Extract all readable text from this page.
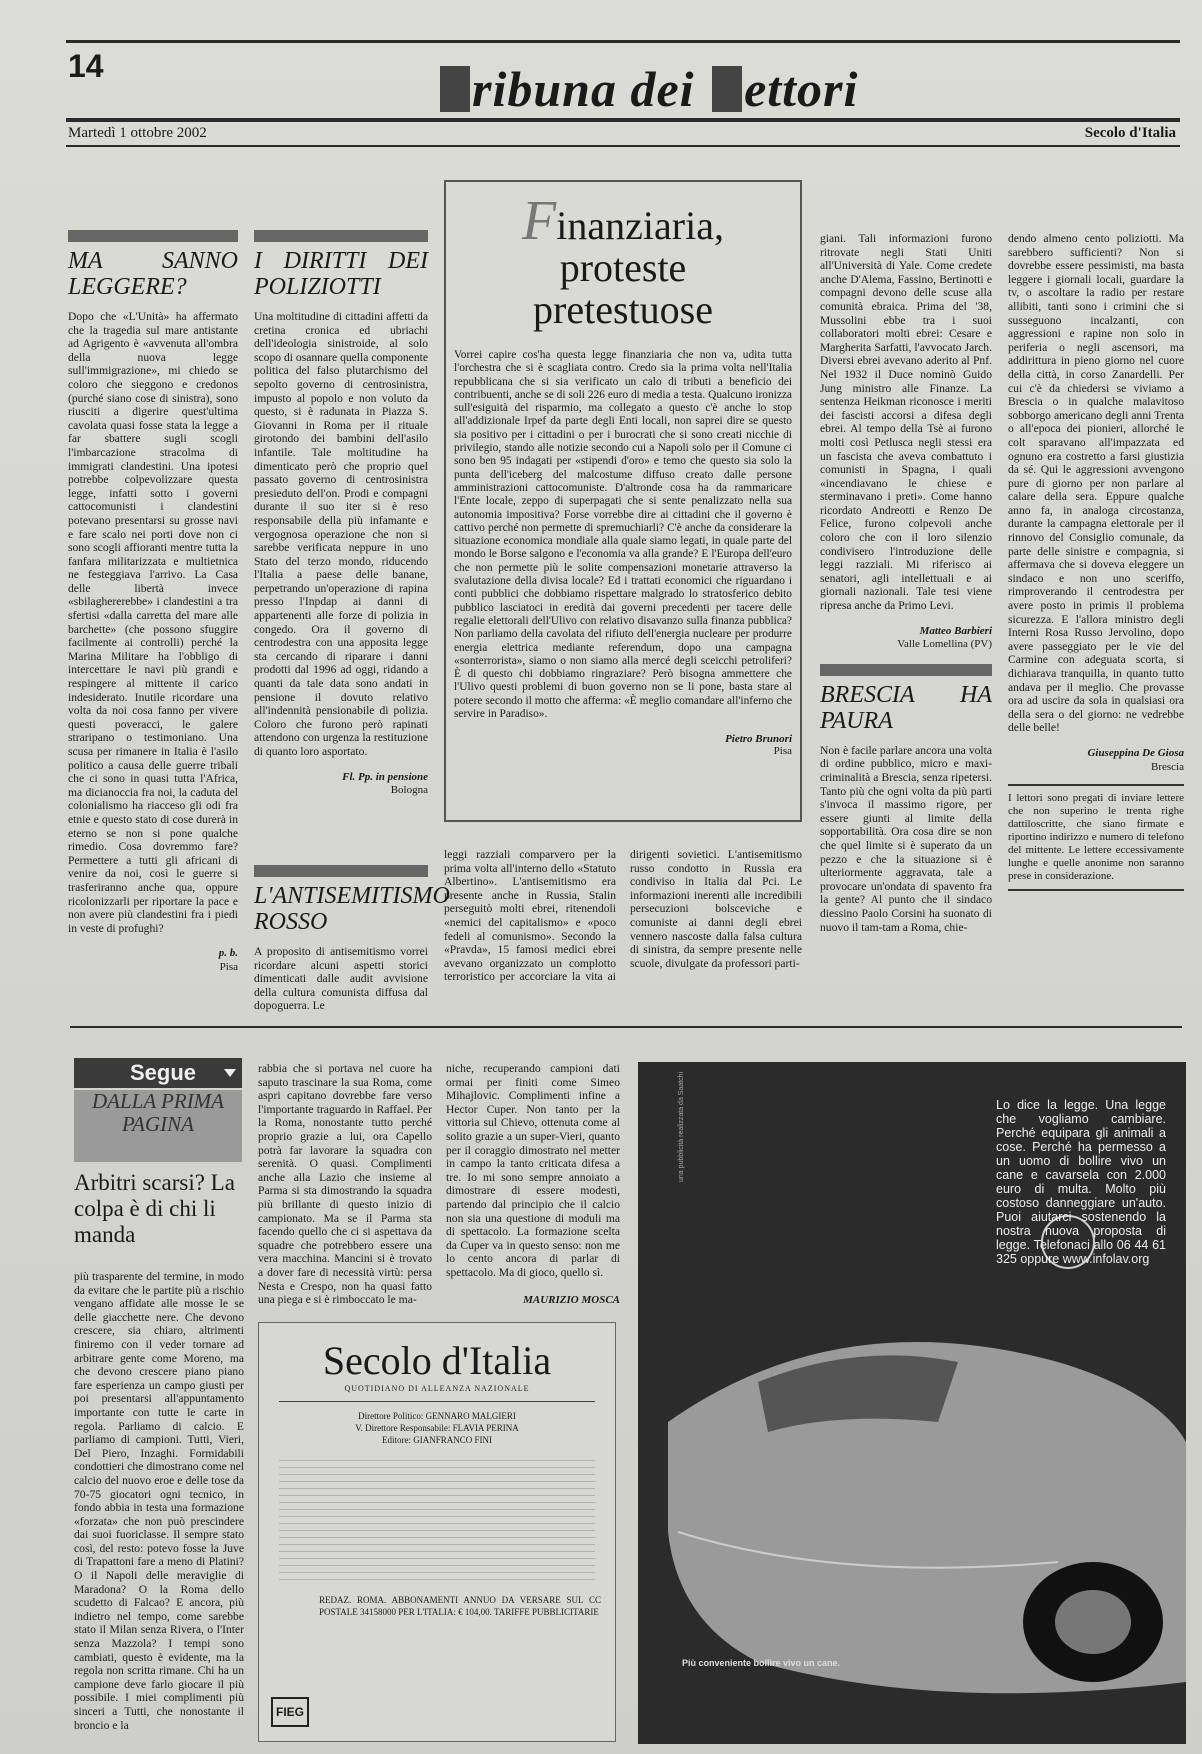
14	ribuna dei ettori
Martedì 1 ottobre 2002	Secolo d'Italia
MA SANNO LEGGERE?

Dopo che «L'Unità» ha affermato che la tragedia sul mare antistante ad Agrigento è «avvenuta all'ombra della nuova legge sull'immigrazione», mi chiedo se coloro che sieggono e credonos (purché siano cose di sinistra), sono riusciti a digerire quest'ultima cavolata quasi fosse stata la legge a far sbattere sugli scogli l'imbarcazione stracolma di immigrati clandestini. Una ipotesi potrebbe colpevolizzare questa legge, infatti sotto i governi cattocomunisti i clandestini potevano presentarsi su grosse navi e fare scalo nei porti dove non ci sono scogli affioranti mentre tutta la fanfara militarizzata e multietnica ne festeggiava l'arrivo. La Casa delle libertà invece «sbilaghererebbe» i clandestini a tra sfertisi «dalla carretta del mare alle barchette» (che possono sfuggire facilmente ai controlli) perché la Marina Militare ha l'obbligo di intercettare le navi più grandi e respingere al mittente il carico indesiderato. Inutile ricordare una volta da noi cosa fanno per vivere questi poveracci, le galere straripano o testimoniano. Una scusa per rimanere in Italia è l'asilo politico a causa delle guerre tribali che ci sono in quasi tutta l'Africa, ma dicianoccia fra noi, la caduta del colonialismo ha riacceso gli odi fra etnie e questo stato di cose durerà in eterno se non si pone qualche rimedio. Cosa dovremmo fare? Permettere a tutti gli africani di venire da noi, così le guerre si trasferiranno anche qua, oppure ricolonizzarli per riportare la pace e non avere più clandestini fra i piedi in veste di profughi?

p. b.
Pisa
I DIRITTI DEI POLIZIOTTI

Una moltitudine di cittadini affetti da cretina cronica ed ubriachi dell'ideologia sinistroide, al solo scopo di osannare quella componente politica del falso plutarchismo del sepolto governo di centrosinistra, impusto al popolo e non voluto da questo, si è radunata in Piazza S. Giovanni in Roma per il rituale girotondo dei bambini dell'asilo infantile. Tale moltitudine ha dimenticato però che proprio quel passato governo di centrosinistra presieduto dell'on. Prodi e compagni durante il suo iter si è reso responsabile della più infamante e vergognosa operazione che non si sarebbe verificata neppure in uno Stato del terzo mondo, riducendo l'Italia a paese delle banane, perpetrando un'operazione di rapina presso l'Inpdap ai danni di appartenenti alle forze di polizia in congedo. Ora il governo di centrodestra con una apposita legge sta cercando di riparare i danni prodotti dal 1996 ad oggi, ridando a quanti da tale data sono andati in pensione il dovuto relativo all'indennità pensionabile di polizia. Coloro che furono però rapinati attendono con urgenza la restituzione di quanto loro asportato.

Fl. Pp. in pensione
Bologna
L'ANTISEMITISMO ROSSO

A proposito di antisemitismo vorrei ricordare alcuni aspetti storici dimenticati dalle audit avvisione della cultura comunista diffusa dal dopoguerra. Le

Finanziaria, proteste
pretestuose
Vorrei capire cos'ha questa legge finanziaria che non va, udita tutta l'orchestra che si è scagliata contro. Credo sia la prima volta nell'Italia repubblicana che si sia verificato un calo di tributi a beneficio dei contribuenti, anche se di soli 226 euro di media a testa. Qualcuno ironizza sull'esiguità del risparmio, ma collegato a questo c'è anche lo stop all'addizionale Irpef da parte degli Enti locali, non saprei dire se questo sia positivo per i cittadini o per i burocrati che si sono creati nicchie di privilegio, stando alle notizie secondo cui a Napoli solo per il Comune ci sono ben 95 indagati per «stipendi d'oro» e temo che questo sia solo la punta dell'iceberg del malcostume diffuso creato dalle persone amministrazioni cattocomuniste. D'altronde cosa ha da rammaricare l'Ente locale, zeppo di superpagati che si sente penalizzato nella sua autonomia impositiva? Forse vorrebbe dire ai cittadini che il governo è cattivo perché non permette di spremuchiarli? C'è anche da considerare la situazione economica mondiale alla quale siamo legati, in quale parte del mondo le Borse salgono e l'economia va alla grande? E l'Europa dell'euro che non permette più le solite compensazioni monetarie attraverso la svalutazione della divisa locale? Ed i trattati economici che riguardano i conti pubblici che dobbiamo rispettare malgrado lo stratosferico debito pubblico lasciatoci in eredità dai governi precedenti per tacere delle regalie elettorali dell'Ulivo con relativo disavanzo sulla finanza pubblica? Non parliamo della cavolata del rifiuto dell'energia nucleare per produrre energia elettrica mediante referendum, dopo una campagna «sonterrorista», siamo o non siamo alla mercé degli sceicchi petroliferi? È di questo chi dobbiamo ringraziare? Però bisogna ammettere che l'Ulivo questi problemi di buon governo non se li pone, basta stare al potere secondo il motto che afferma: «È meglio comandare all'inferno che servire in Paradiso».
Pietro Brunori
Pisa
leggi razziali comparvero per la prima volta all'interno dello «Statuto Albertino». L'antisemitismo era presente anche in Russia, Stalin perseguitò molti ebrei, ritenendoli «nemici del capitalismo» e «poco fedeli al comunismo». Secondo la «Pravda», 15 famosi medici ebrei avevano organizzato un complotto terroristico per accorciare la vita ai dirigenti sovietici. L'antisemitismo russo condotto in Russia era condiviso in Italia dal Pci. Le informazioni inerenti alle incredibili persecuzioni bolsceviche e comuniste ai danni degli ebrei vennero nascoste dalla falsa cultura di sinistra, da sempre presente nelle scuole, divulgate da professori parti-

giani. Tali informazioni furono ritrovate negli Stati Uniti all'Università di Yale. Come credete anche D'Alema, Fassino, Bertinotti e compagni devono delle scuse alla comunità ebraica. Prima del '38, Mussolini ebbe tra i suoi collaboratori molti ebrei: Cesare e Margherita Sarfatti, l'avvocato Jarch. Diversi ebrei avevano aderito al Pnf. Nel 1932 il Duce nominò Guido Jung ministro alle Finanze. La sentenza Heikman riconosce i meriti dei fascisti accorsi a difesa degli ebrei. Al tempo della Tsè ai furono molti così Petlusca negli stessi era un fascista che aveva combattuto i comunisti in Spagna, i quali «incendiavano le chiese e sterminavano i preti». Come hanno ricordato Andreotti e Renzo De Felice, furono colpevoli anche coloro che con il loro silenzio condivisero l'introduzione delle leggi razziali. Mi riferisco ai senatori, agli intellettuali e ai giornali nazionali. Tale tesi viene ripresa anche da Primo Levi.

Matteo Barbieri
Valle Lomellina (PV)
BRESCIA HA PAURA

Non è facile parlare ancora una volta di ordine pubblico, micro e maxi-criminalità a Brescia, senza ripetersi. Tanto più che ogni volta da più parti s'invoca il massimo rigore, per essere giunti al limite della sopportabilità. Ora cosa dire se non che quel limite si è superato da un pezzo e che la situazione si è ulteriormente aggravata, tale a provocare un'ondata di spavento fra la gente? Al punto che il sindaco diessino Paolo Corsini ha suonato di nuovo il tam-tam a Roma, chie-

dendo almeno cento poliziotti. Ma sarebbero sufficienti? Non si dovrebbe essere pessimisti, ma basta leggere i giornali locali, guardare la tv, o ascoltare la radio per restare allibiti, tanti sono i crimini che si susseguono incalzanti, con aggressioni e rapine non solo in periferia o negli ascensori, ma addirittura in pieno giorno nel cuore della città, in corso Zanardelli. Per cui c'è da chiedersi se viviamo a Brescia o in qualche malavitoso sobborgo americano degli anni Trenta o all'epoca dei pionieri, allorché le colt sparavano all'impazzata ed ognuno era costretto a farsi giustizia da sé. Qui le aggressioni avvengono pure di giorno per non parlare al calare della sera. Eppure qualche anno fa, in analoga circostanza, durante la campagna elettorale per il rinnovo del Consiglio comunale, da parte delle sinistre e compagnia, si affermava che si doveva eleggere un sindaco e non uno sceriffo, rimproverando il centrodestra per avere posto in primis il problema sicurezza. E l'allora ministro degli Interni Rosa Russo Jervolino, dopo avere passeggiato per le vie del Carmine con adeguata scorta, si dichiarava tranquilla, in quanto tutto andava per il meglio. Che provasse ora ad uscire da sola in qualsiasi ora della sera o del giorno: ne vedrebbe delle belle!

Giuseppina De Giosa
Brescia
I lettori sono pregati di inviare lettere che non superino le trenta righe dattiloscritte, che siano firmate e riportino indirizzo e numero di telefono del mittente. Le lettere eccessivamente lunghe e quelle anonime non saranno prese in considerazione.
Segue
DALLA PRIMA PAGINA
Arbitri scarsi? La colpa è di chi li manda
più trasparente del termine, in modo da evitare che le partite più a rischio vengano affidate alle mosse le se delle giacchette nere. Che devono crescere, sia chiaro, altrimenti finiremo con il veder tornare ad arbitrare gente come Moreno, ma che devono crescere piano piano fare esperienza un campo giusti per poi presentarsi all'appuntamento importante con tutte le carte in regola. Parliamo di calcio. E parliamo di campioni. Tutti, Vieri, Del Piero, Inzaghi. Formidabili condottieri che dimostrano come nel calcio del nuovo eroe e delle tose da 70-75 giocatori ogni tecnico, in fondo abbia in testa una formazione «forzata» che non può prescindere dai suoi fuoriclasse. Il sempre stato così, del resto: potevo fosse la Juve di Trapattoni fare a meno di Platini? O il Napoli delle meraviglie di Maradona? O la Roma dello scudetto di Falcao? E ancora, più indietro nel tempo, come sarebbe stato il Milan senza Rivera, o l'Inter senza Mazzola? I tempi sono cambiati, questo è evidente, ma la regola non scritta rimane. Chi ha un campione deve farlo giocare il più possibile. I miei complimenti più sinceri a Tutti, che nonostante il broncio e la
rabbia che si portava nel cuore ha saputo trascinare la sua Roma, come aspri capitano dovrebbe fare verso l'importante traguardo in Raffael. Per la Roma, nonostante tutto perché proprio grazie a lui, ora Capello potrà far lavorare la squadra con serenità. O quasi. Complimenti anche alla Lazio che insieme al Parma si sta dimostrando la squadra più brillante di questo inizio di campionato. Ma se il Parma sta facendo quello che ci si aspettava da squadre che potrebbero essere una vera macchina. Mancini si è trovato a dover fare di necessità virtù: persa Nesta e Crespo, non ha quasi fatto una piega e si è rimboccato le ma-
niche, recuperando campioni dati ormai per finiti come Simeo Mihajlovic. Complimenti infine a Hector Cuper. Non tanto per la vittoria sul Chievo, ottenuta come al solito grazie a un super-Vieri, quanto per il coraggio dimostrato nel metter in campo la tanto criticata difesa a tre. Io mi sono sempre annoiato a dimostrare di essere modesti, partendo dal principio che il calcio non sia una questione di moduli ma di spettacolo. La formazione scelta da Cuper va in questo senso: non me lo cento ancora di parlar di spettacolo. Ma di gioco, quello sì.
MAURIZIO MOSCA
Secolo d'Italia
QUOTIDIANO DI ALLEANZA NAZIONALE
Direttore Politico: GENNARO MALGIERI
V. Direttore Responsabile: FLAVIA PERINA
Editore: GIANFRANCO FINI
REDAZ. ROMA. ABBONAMENTI ANNUO DA VERSARE SUL CC POSTALE 34158000 PER L'ITALIA: € 104,00. TARIFFE PUBBLICITARIE
FIEG
Lo dice la legge. Una legge che vogliamo cambiare. Perché equipara gli animali a cose. Perché ha permesso a un uomo di bollire vivo un cane e cavarsela con 2.000 euro di multa. Molto più costoso danneggiare un'auto. Puoi aiutarci sostenendo la nostra nuova proposta di legge. Telefonaci allo 06 44 61 325 oppure www.infolav.org
una pubblicità realizzata da Saatchi
Più conveniente bollire vivo un cane.
